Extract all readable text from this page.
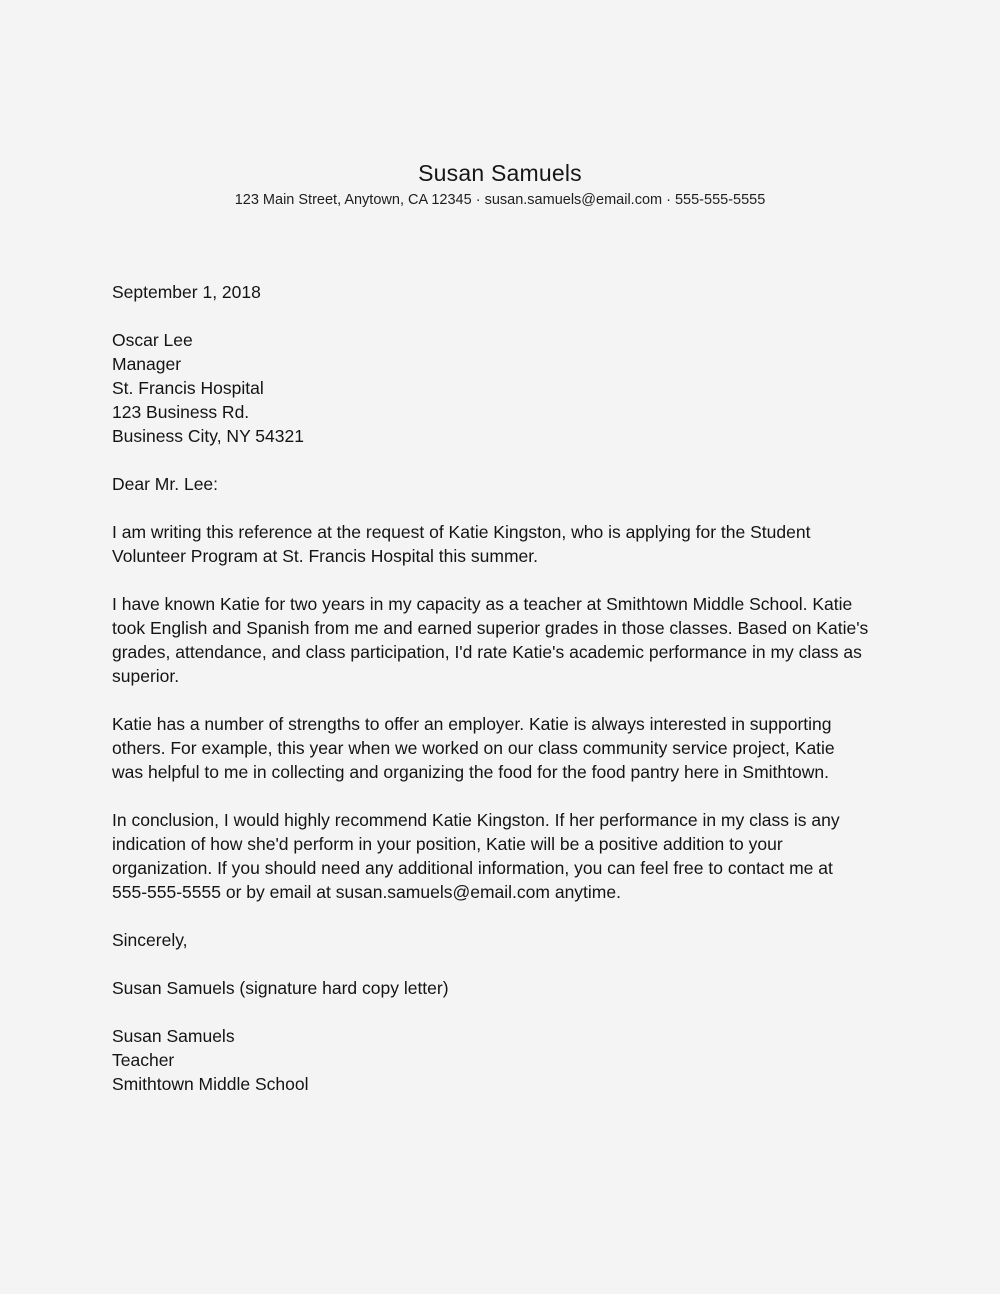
Susan Samuels
123 Main Street, Anytown, CA 12345 · susan.samuels@email.com · 555-555-5555
September 1, 2018
Oscar Lee
Manager
St. Francis Hospital
123 Business Rd.
Business City, NY 54321
Dear Mr. Lee:
I am writing this reference at the request of Katie Kingston, who is applying for the Student
Volunteer Program at St. Francis Hospital this summer.
I have known Katie for two years in my capacity as a teacher at Smithtown Middle School. Katie
took English and Spanish from me and earned superior grades in those classes. Based on Katie's
grades, attendance, and class participation, I'd rate Katie's academic performance in my class as
superior.
Katie has a number of strengths to offer an employer. Katie is always interested in supporting
others. For example, this year when we worked on our class community service project, Katie
was helpful to me in collecting and organizing the food for the food pantry here in Smithtown.
In conclusion, I would highly recommend Katie Kingston. If her performance in my class is any
indication of how she'd perform in your position, Katie will be a positive addition to your
organization. If you should need any additional information, you can feel free to contact me at
555-555-5555 or by email at susan.samuels@email.com anytime.
Sincerely,
Susan Samuels (signature hard copy letter)
Susan Samuels
Teacher
Smithtown Middle School
